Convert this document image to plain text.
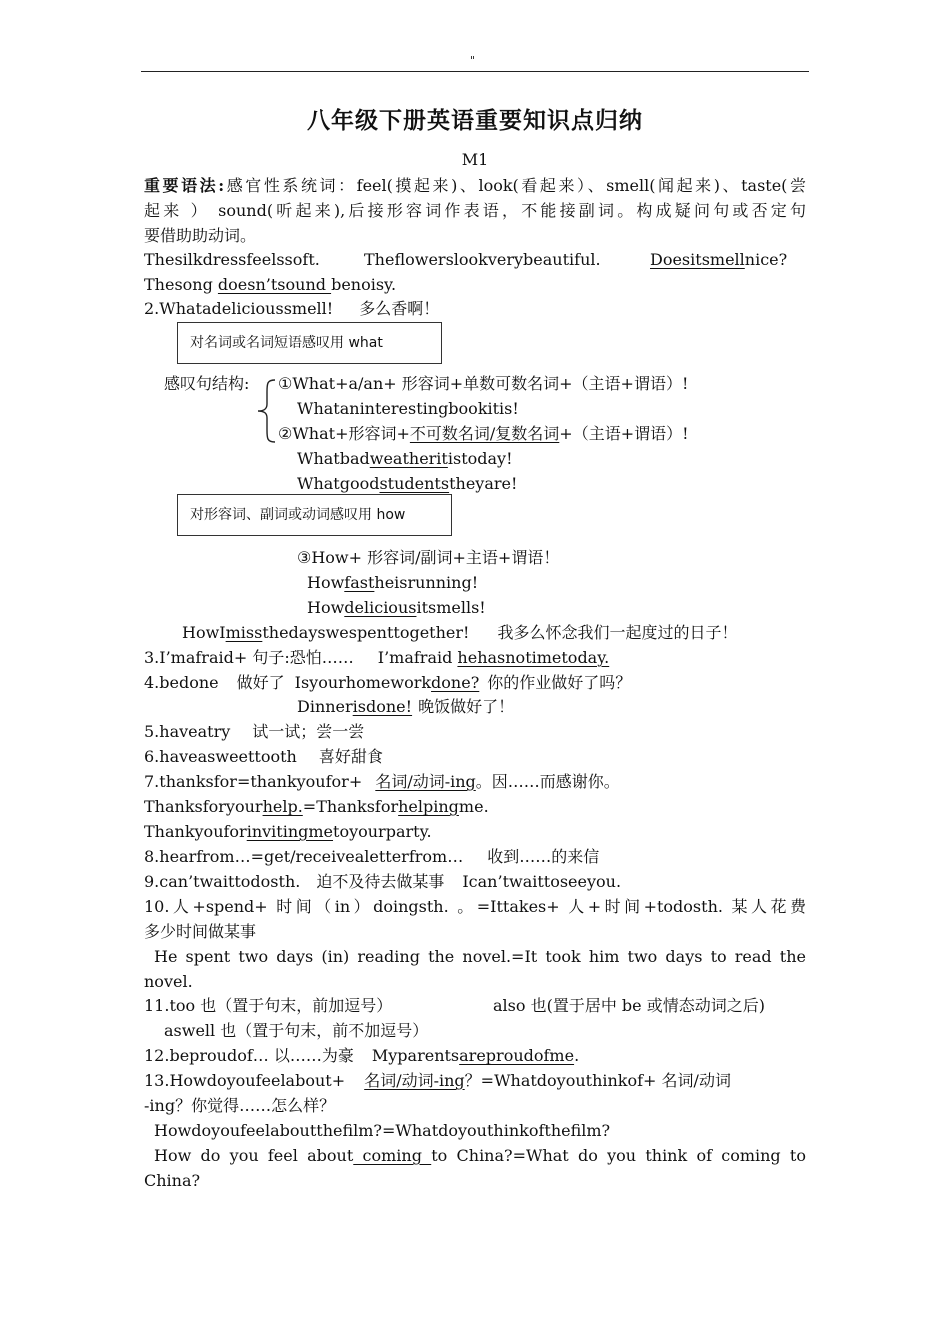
"
八年级下册英语重要知识点归纳
M1
重要语法:感官性系统词：feel(摸起来)、look(看起来）、smell(闻起来)、taste(尝
起来 ） sound(听起来),后接形容词作表语，不能接副词。构成疑问句或否定句
要借助助动词。
Thesilkdressfeelssoft.	Theflowerslookverybeautiful.	Doesitsmellnice?
Thesong doesn’tsound benoisy.
2.Whatadelicioussmell! 多么香啊！
对名词或名词短语感叹用 what
感叹句结构: ①What+a/an+ 形容词+单数可数名词+（主语+谓语）!
Whataninterestingbookitis!
②What+形容词+不可数名词/复数名词+（主语+谓语）!
Whatbadweatheritistoday!
Whatgoodstudentstheyare!
对形容词、副词或动词感叹用 how
③How+ 形容词/副词+主语+谓语！
Howfastheisrunning!
Howdeliciousitsmells!
HowImissthedayswespenttogether! 我多么怀念我们一起度过的日子！
3.I’mafraid+ 句子:恐怕…… I’mafraid hehasnotimetoday.
4.bedone 做好了 Isyourhomeworkdone? 你的作业做好了吗？
Dinnerisdone! 晚饭做好了！
5.haveatry 试一试；尝一尝
6.haveasweettooth 喜好甜食
7.thanksfor=thankyoufor+ 名词/动词-ing。因……而感谢你。
Thanksforyourhelp.=Thanksforhelpingme.
Thankyouforinvitingmetoyourparty.
8.hearfrom…=get/receivealetterfrom… 收到……的来信
9.can’twaittodosth. 迫不及待去做某事 Ican’twaittoseeyou.
10.人+spend+ 时间（in）doingsth. 。=Ittakes+ 人+时间+todosth. 某人花费
多少时间做某事
He spent two days (in) reading the novel.=It took him two days to read the
novel.
11.too 也（置于句末，前加逗号）	also 也(置于居中 be 或情态动词之后)
aswell 也（置于句末，前不加逗号）
12.beproudof… 以……为豪 Myparentsareproudofme.
13.Howdoyoufeelabout+ 名词/动词-ing？=Whatdoyouthinkof+ 名词/动词
-ing？你觉得……怎么样？
Howdoyoufeelaboutthefilm?=Whatdoyouthinkofthefilm?
How do you feel about coming to China?=What do you think of coming to
China?
